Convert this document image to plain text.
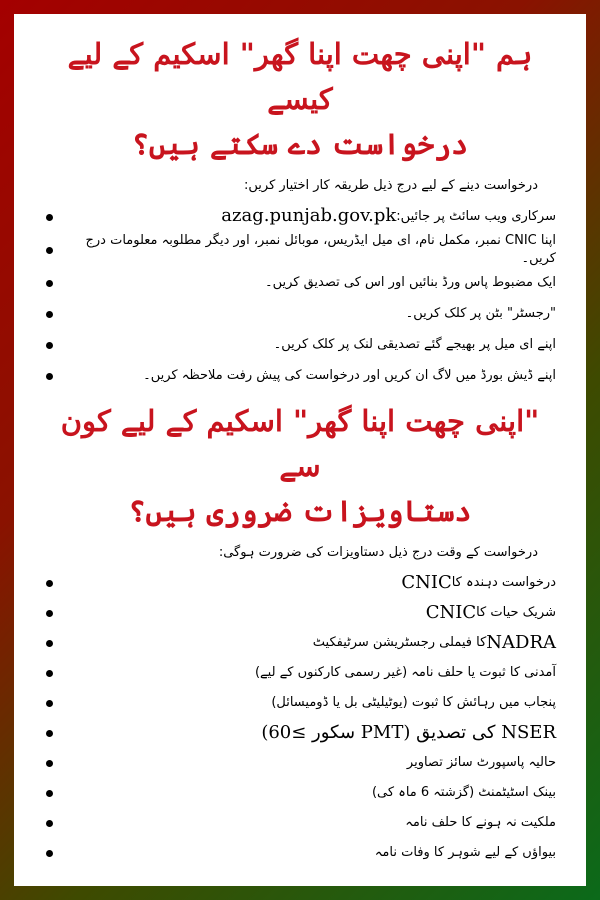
ہم "اپنی چھت اپنا گھر" اسکیم کے لیے کیسے
درخواست دے سکتے ہیں؟

درخواست دینے کے لیے درج ذیل طریقہ کار اختیار کریں:

سرکاری ویب سائٹ پر جائیں:
azag.punjab.gov.pk
اپنا CNIC نمبر، مکمل نام، ای میل ایڈریس، موبائل نمبر، اور دیگر مطلوبہ معلومات درج کریں۔
ایک مضبوط پاس ورڈ بنائیں اور اس کی تصدیق کریں۔
"رجسٹر" بٹن پر کلک کریں۔
اپنے ای میل پر بھیجے گئے تصدیقی لنک پر کلک کریں۔
اپنے ڈیش بورڈ میں لاگ ان کریں اور درخواست کی پیش رفت ملاحظہ کریں۔

"اپنی چھت اپنا گھر" اسکیم کے لیے کون سے
دستاویزات ضروری ہیں؟

درخواست کے وقت درج ذیل دستاویزات کی ضرورت ہوگی:

درخواست دہندہ کا
CNIC
شریک حیات کا
CNIC
NADRA
کا فیملی رجسٹریشن سرٹیفکیٹ
آمدنی کا ثبوت یا حلف نامہ (غیر رسمی کارکنوں کے لیے)
پنجاب میں رہائش کا ثبوت (یوٹیلیٹی بل یا ڈومیسائل)
NSER کی تصدیق (PMT سکور ≥60)
حالیہ پاسپورٹ سائز تصاویر
بینک اسٹیٹمنٹ (گزشتہ 6 ماہ کی)
ملکیت نہ ہونے کا حلف نامہ
بیواؤں کے لیے شوہر کا وفات نامہ
